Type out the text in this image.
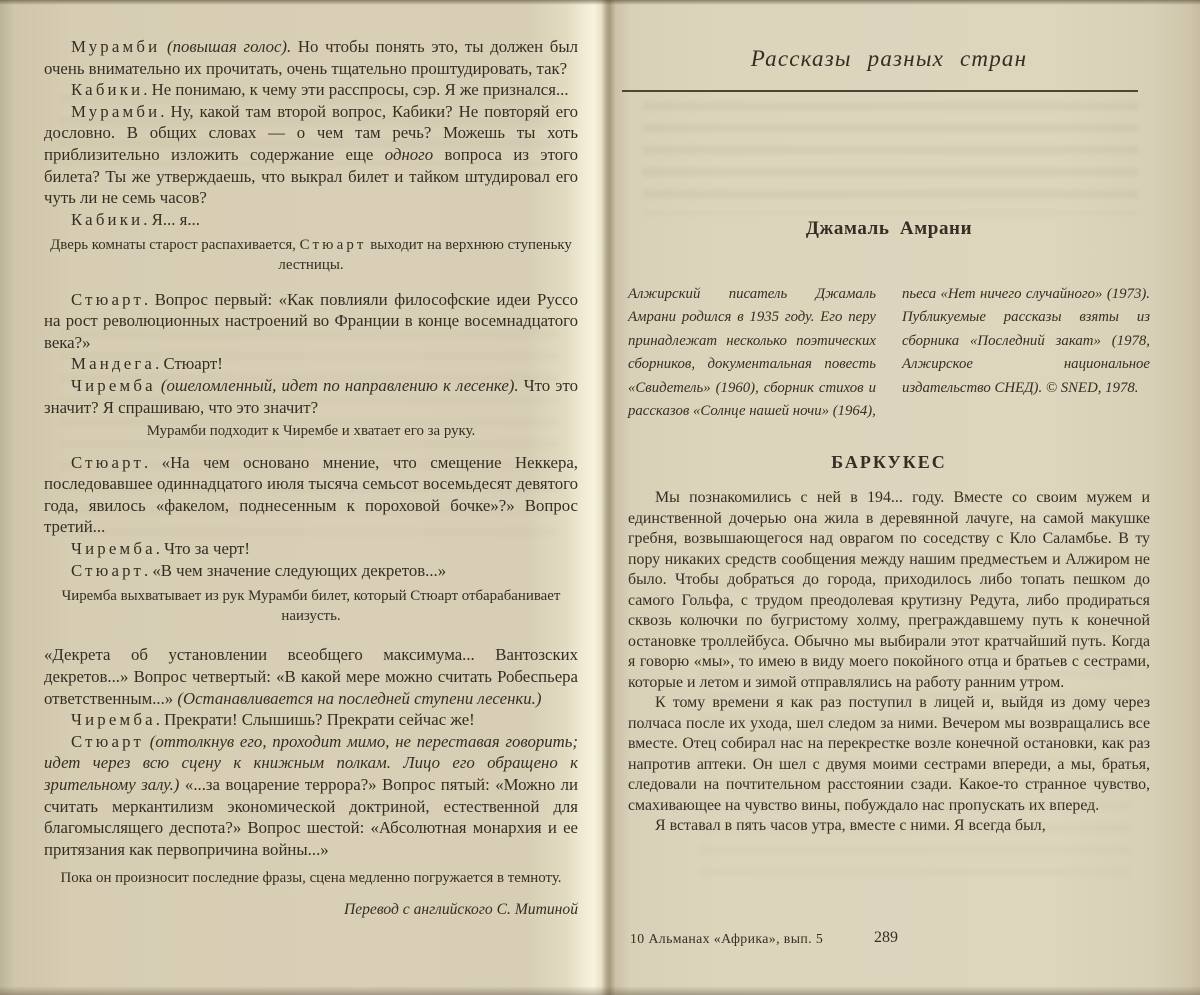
Мурамби (повышая голос). Но чтобы понять это, ты должен был очень внимательно их прочитать, очень тщательно проштудировать, так?
Кабики. Не понимаю, к чему эти расспросы, сэр. Я же признался...
Мурамби. Ну, какой там второй вопрос, Кабики? Не повторяй его дословно. В общих словах — о чем там речь? Можешь ты хоть приблизительно изложить содержание еще одного вопроса из этого билета? Ты же утверждаешь, что выкрал билет и тайком штудировал его чуть ли не семь часов?
Кабики. Я... я...
Дверь комнаты старост распахивается, Стюарт выходит на верхнюю ступеньку лестницы.
Стюарт. Вопрос первый: «Как повлияли философские идеи Руссо на рост революционных настроений во Франции в конце восемнадцатого века?»
Мандега. Стюарт!
Чиремба (ошеломленный, идет по направлению к лесенке). Что это значит? Я спрашиваю, что это значит?
Мурамби подходит к Чирембе и хватает его за руку.
Стюарт. «На чем основано мнение, что смещение Неккера, последовавшее одиннадцатого июля тысяча семьсот восемьдесят девятого года, явилось «факелом, поднесенным к пороховой бочке»?» Вопрос третий...
Чиремба. Что за черт!
Стюарт. «В чем значение следующих декретов...»
Чиремба выхватывает из рук Мурамби билет, который Стюарт отбарабанивает наизусть.
«Декрета об установлении всеобщего максимума... Вантозских декретов...» Вопрос четвертый: «В какой мере можно считать Робеспьера ответственным...» (Останавливается на последней ступени лесенки.)
Чиремба. Прекрати! Слышишь? Прекрати сейчас же!
Стюарт (оттолкнув его, проходит мимо, не переставая говорить; идет через всю сцену к книжным полкам. Лицо его обращено к зрительному залу.) «...за воцарение террора?» Вопрос пятый: «Можно ли считать меркантилизм экономической доктриной, естественной для благомыслящего деспота?» Вопрос шестой: «Абсолютная монархия и ее притязания как первопричина войны...»
Пока он произносит последние фразы, сцена медленно погружается в темноту.
Перевод с английского С. Митиной
Рассказы разных стран
Джамаль Амрани

Алжирский писатель Джамаль Амрани родился в 1935 году. Его перу принадлежат несколько поэтических сборников, документальная повесть «Свидетель» (1960), сборник стихов и рассказов «Солнце нашей ночи» (1964),

пьеса «Нет ничего случайного» (1973). Публикуемые рассказы взяты из сборника «Последний закат» (1978, Алжирское национальное издательство СНЕД). © SNED, 1978.

БАРКУКЕС
Мы познакомились с ней в 194... году. Вместе со своим мужем и единственной дочерью она жила в деревянной лачуге, на самой макушке гребня, возвышающегося над оврагом по соседству с Кло Саламбье. В ту пору никаких средств сообщения между нашим предместьем и Алжиром не было. Чтобы добраться до города, приходилось либо топать пешком до самого Гольфа, с трудом преодолевая крутизну Редута, либо продираться сквозь колючки по бугристому холму, преграждавшему путь к конечной остановке троллейбуса. Обычно мы выбирали этот кратчайший путь. Когда я говорю «мы», то имею в виду моего покойного отца и братьев с сестрами, которые и летом и зимой отправлялись на работу ранним утром.
К тому времени я как раз поступил в лицей и, выйдя из дому через полчаса после их ухода, шел следом за ними. Вечером мы возвращались все вместе. Отец собирал нас на перекрестке возле конечной остановки, как раз напротив аптеки. Он шел с двумя моими сестрами впереди, а мы, братья, следовали на почтительном расстоянии сзади. Какое-то странное чувство, смахивающее на чувство вины, побуждало нас пропускать их вперед.
Я вставал в пять часов утра, вместе с ними. Я всегда был,
10 Альманах «Африка», вып. 5	289
